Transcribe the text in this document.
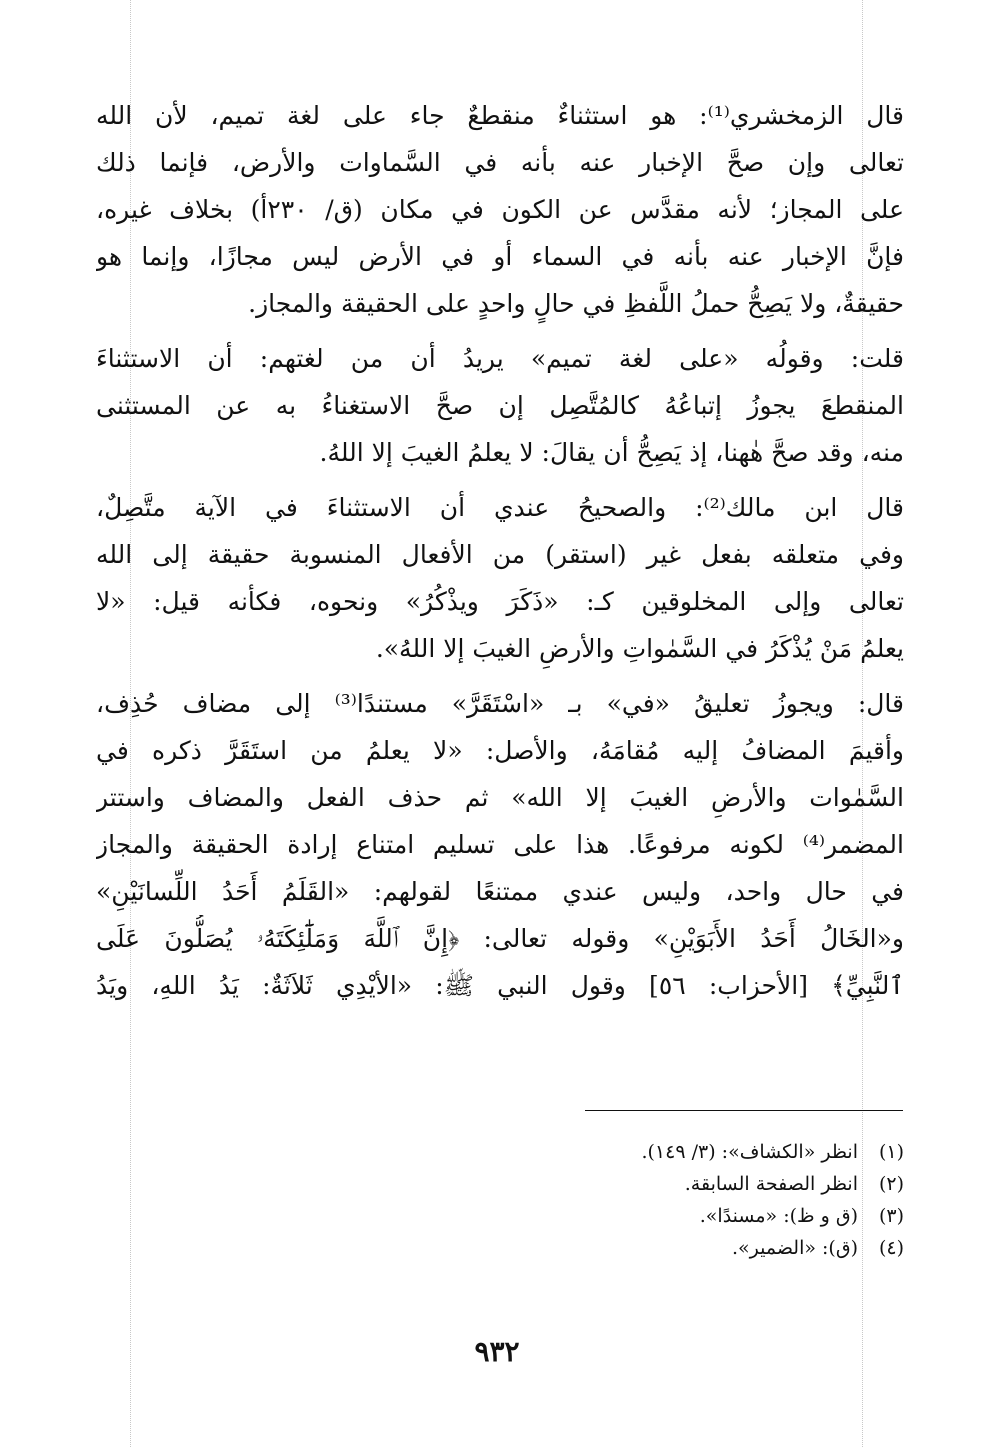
قال الزمخشري⁽¹⁾: هو استثناءٌ منقطعٌ جاء على لغة تميم، لأن الله
تعالى وإن صحَّ الإخبار عنه بأنه في السَّماوات والأرض، فإنما ذلك
على المجاز؛ لأنه مقدَّس عن الكون في مكان (ق/ ٢٣٠أ) بخلاف غيره،
فإنَّ الإخبار عنه بأنه في السماء أو في الأرض ليس مجازًا، وإنما هو
حقيقةٌ، ولا يَصِحُّ حملُ اللَّفظِ في حالٍ واحدٍ على الحقيقة والمجاز.
قلت: وقولُه «على لغة تميم» يريدُ أن من لغتهم: أن الاستثناءَ
المنقطعَ يجوزُ إتباعُهُ كالمُتَّصِل إن صحَّ الاستغناءُ به عن المستثنى
منه، وقد صحَّ هٰهنا، إذ يَصِحُّ أن يقالَ: لا يعلمُ الغيبَ إلا اللهُ.
قال ابن مالك⁽²⁾: والصحيحُ عندي أن الاستثناءَ في الآية متَّصِلٌ،
وفي متعلقه بفعل غير (استقر) من الأفعال المنسوبة حقيقة إلى الله
تعالى وإلى المخلوقين كـ: «ذَكَرَ ويذْكُرُ» ونحوه، فكأنه قيل: «لا
يعلمُ مَنْ يُذْكَرُ في السَّمٰواتِ والأرضِ الغيبَ إلا اللهُ».
قال: ويجوزُ تعليقُ «في» بـ «اسْتَقَرَّ» مستندًا⁽³⁾ إلى مضاف حُذِف،
وأقيمَ المضافُ إليه مُقامَهُ، والأصل: «لا يعلمُ من استَقَرَّ ذكره في
السَّمٰوات والأرضِ الغيبَ إلا الله» ثم حذف الفعل والمضاف واستتر
المضمر⁽⁴⁾ لكونه مرفوعًا. هذا على تسليم امتناع إرادة الحقيقة والمجاز
في حال واحد، وليس عندي ممتنعًا لقولهم: «القَلَمُ أَحَدُ اللِّسانَيْنِ»
و«الخَالُ أَحَدُ الأَبَوَيْنِ» وقوله تعالى: ﴿إِنَّ ٱللَّهَ وَمَلَٰٓئِكَتَهُۥ يُصَلُّونَ عَلَى
ٱلنَّبِيِّ﴾ [الأحزاب: ٥٦] وقول النبي ﷺ: «الأيْدِي ثَلاَثَةٌ: يَدُ اللهِ، ويَدُ
(١)انظر «الكشاف»: (٣/ ١٤٩).
(٢)انظر الصفحة السابقة.
(٣)(ق و ظ): «مسندًا».
(٤)(ق): «الضمير».
٩٣٢
